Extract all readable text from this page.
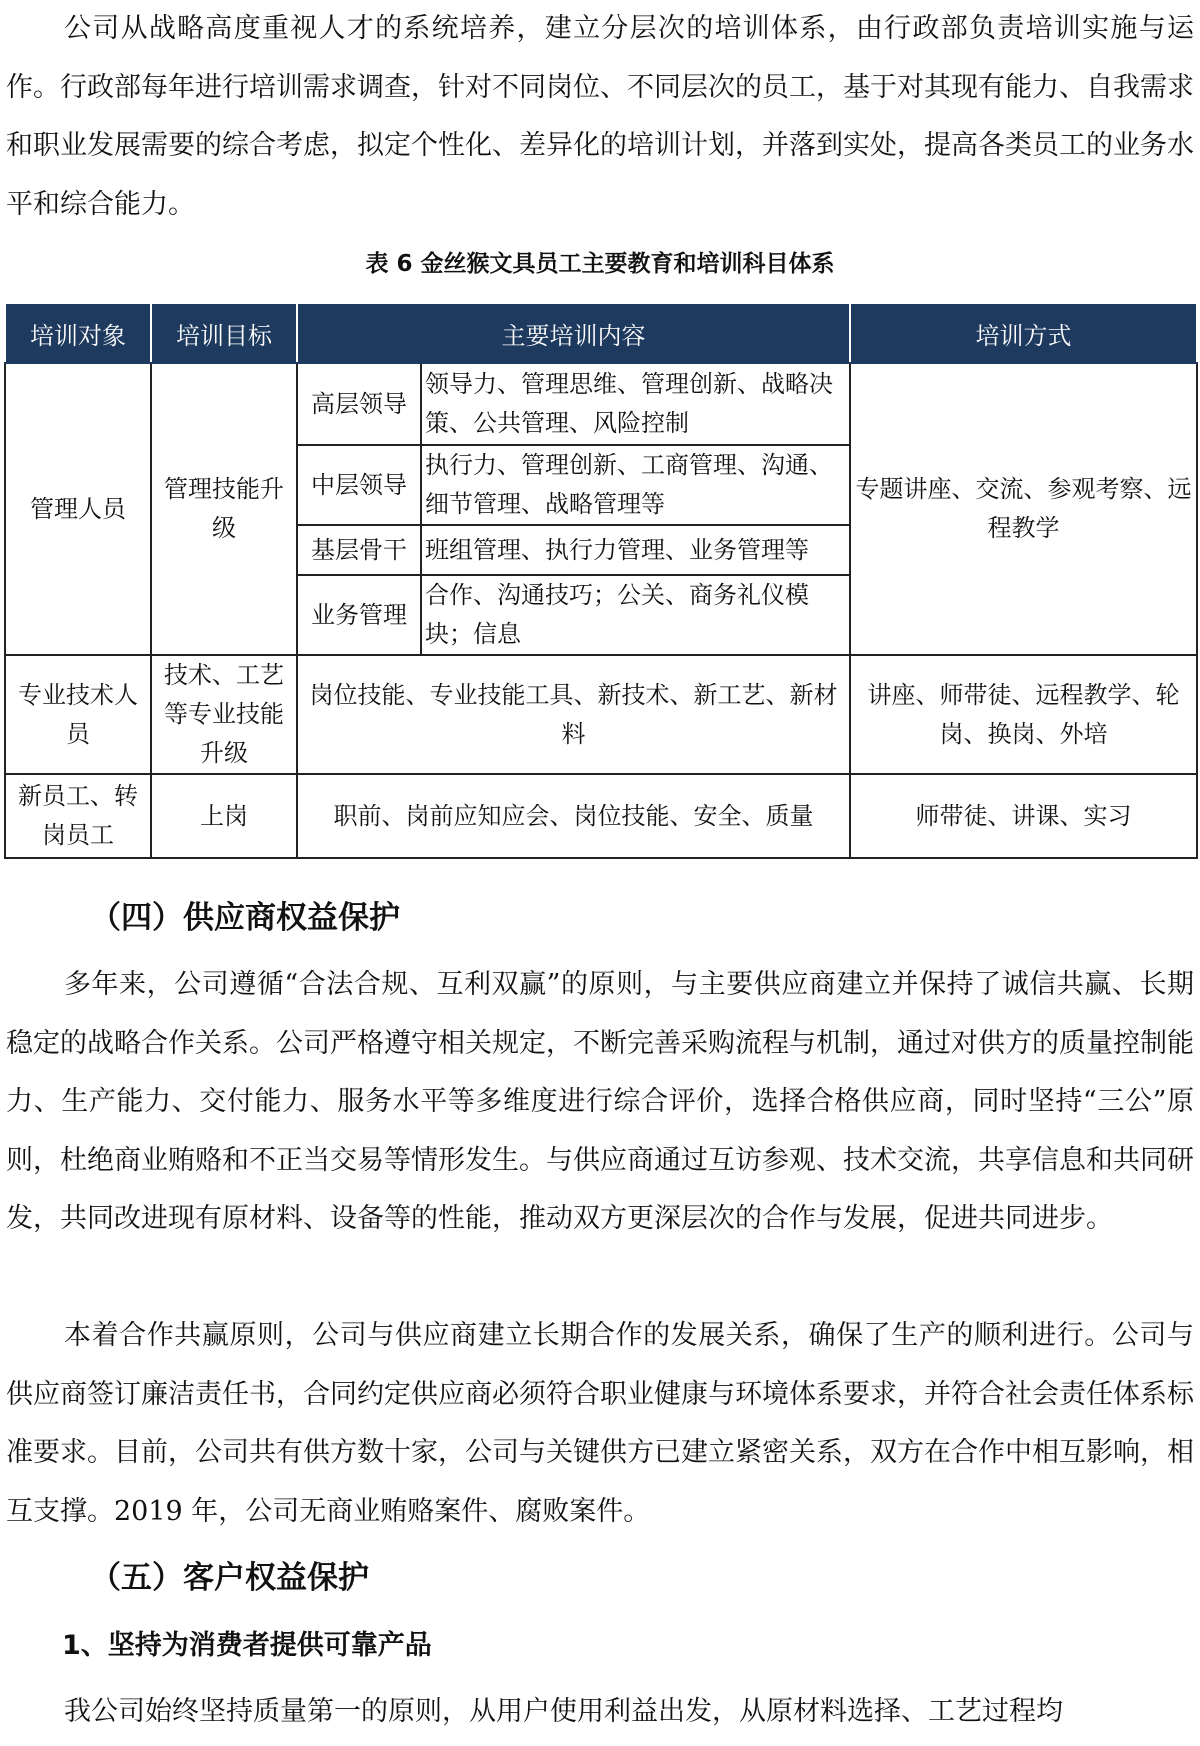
公司从战略高度重视人才的系统培养，建立分层次的培训体系，由行政部负责培训实施与运作。行政部每年进行培训需求调查，针对不同岗位、不同层次的员工，基于对其现有能力、自我需求和职业发展需要的综合考虑，拟定个性化、差异化的培训计划，并落到实处，提高各类员工的业务水平和综合能力。

表 6 金丝猴文具员工主要教育和培训科目体系
培训对象	培训目标	主要培训内容		培训方式
管理人员	管理技能升级	高层领导	领导力、管理思维、管理创新、战略决策、公共管理、风险控制	专题讲座、交流、参观考察、远程教学
		中层领导	执行力、管理创新、工商管理、沟通、细节管理、战略管理等	
		基层骨干	班组管理、执行力管理、业务管理等	
		业务管理	合作、沟通技巧；公关、商务礼仪模块；信息	
专业技术人员	技术、工艺等专业技能升级	岗位技能、专业技能工具、新技术、新工艺、新材料		讲座、师带徒、远程教学、轮岗、换岗、外培
新员工、转岗员工	上岗	职前、岗前应知应会、岗位技能、安全、质量		师带徒、讲课、实习
（四）供应商权益保护

多年来，公司遵循“合法合规、互利双赢”的原则，与主要供应商建立并保持了诚信共赢、长期稳定的战略合作关系。公司严格遵守相关规定，不断完善采购流程与机制，通过对供方的质量控制能力、生产能力、交付能力、服务水平等多维度进行综合评价，选择合格供应商，同时坚持“三公”原则，杜绝商业贿赂和不正当交易等情形发生。与供应商通过互访参观、技术交流，共享信息和共同研发，共同改进现有原材料、设备等的性能，推动双方更深层次的合作与发展，促进共同进步。

本着合作共赢原则，公司与供应商建立长期合作的发展关系，确保了生产的顺利进行。公司与供应商签订廉洁责任书，合同约定供应商必须符合职业健康与环境体系要求，并符合社会责任体系标准要求。目前，公司共有供方数十家，公司与关键供方已建立紧密关系，双方在合作中相互影响，相互支撑。2019 年，公司无商业贿赂案件、腐败案件。

（五）客户权益保护
1、坚持为消费者提供可靠产品

我公司始终坚持质量第一的原则，从用户使用利益出发，从原材料选择、工艺过程均
